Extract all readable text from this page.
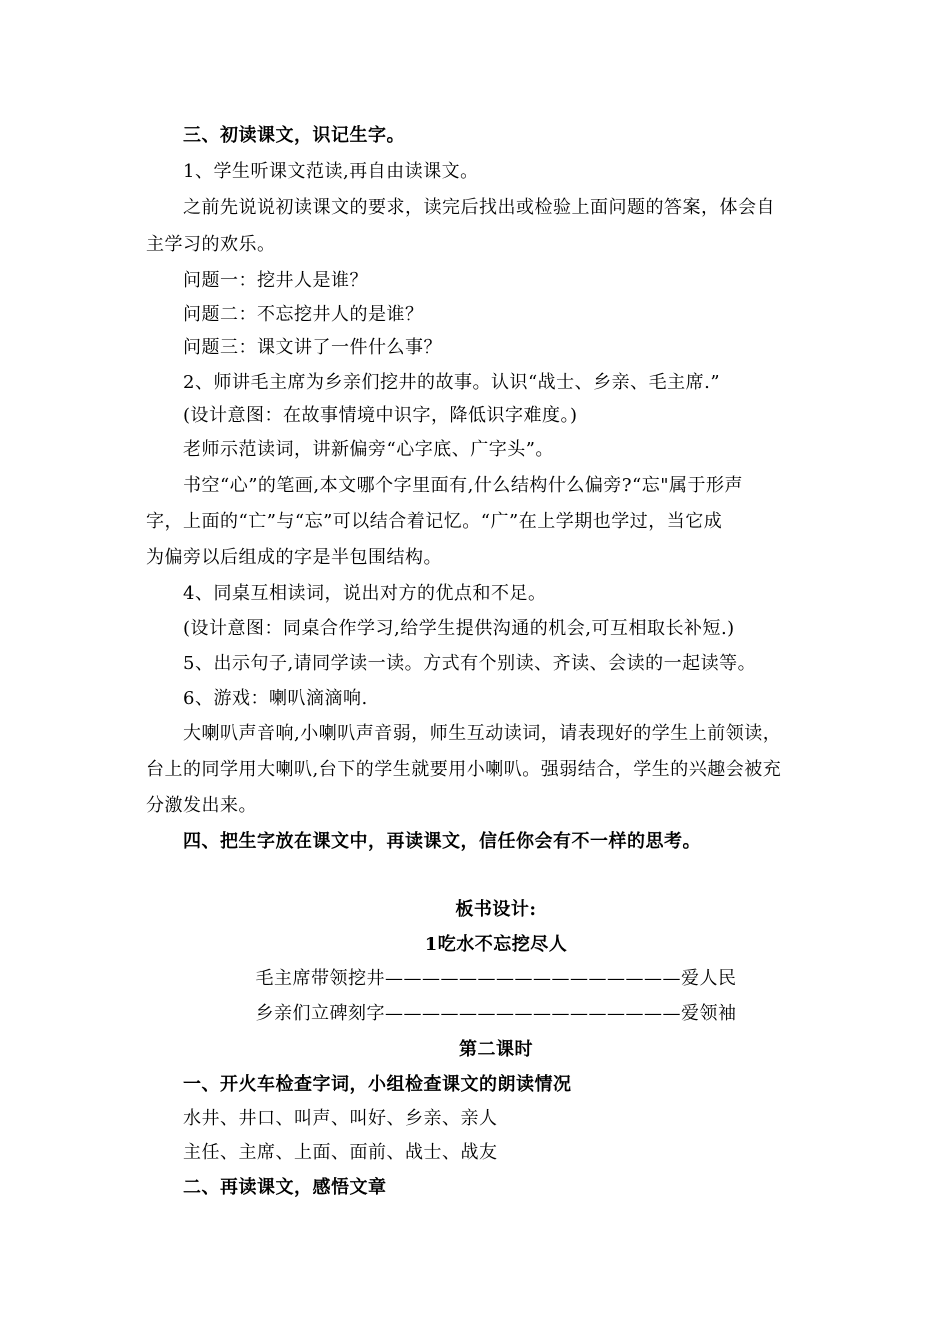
三、初读课文，识记生字。
1、学生听课文范读,再自由读课文。
之前先说说初读课文的要求，读完后找出或检验上面问题的答案，体会自
主学习的欢乐。
问题一：挖井人是谁？
问题二：不忘挖井人的是谁？
问题三：课文讲了一件什么事？
2、师讲毛主席为乡亲们挖井的故事。认识“战士、乡亲、毛主席.”
(设计意图：在故事情境中识字，降低识字难度。)
老师示范读词，讲新偏旁“心字底、广字头”。
书空“心”的笔画,本文哪个字里面有,什么结构什么偏旁?“忘"属于形声
字，上面的“亡”与“忘”可以结合着记忆。“广”在上学期也学过，当它成
为偏旁以后组成的字是半包围结构。
4、同桌互相读词，说出对方的优点和不足。
(设计意图：同桌合作学习,给学生提供沟通的机会,可互相取长补短.)
5、出示句子,请同学读一读。方式有个别读、齐读、会读的一起读等。
6、游戏：喇叭滴滴响.
大喇叭声音响,小喇叭声音弱，师生互动读词，请表现好的学生上前领读，
台上的同学用大喇叭,台下的学生就要用小喇叭。强弱结合，学生的兴趣会被充
分激发出来。
四、把生字放在课文中，再读课文，信任你会有不一样的思考。
板书设计:
1吃水不忘挖尽人
毛主席带领挖井————————————————爱人民
乡亲们立碑刻字————————————————爱领袖
第二课时
一、开火车检查字词，小组检查课文的朗读情况
水井、井口、叫声、叫好、乡亲、亲人
主任、主席、上面、面前、战士、战友
二、再读课文，感悟文章
